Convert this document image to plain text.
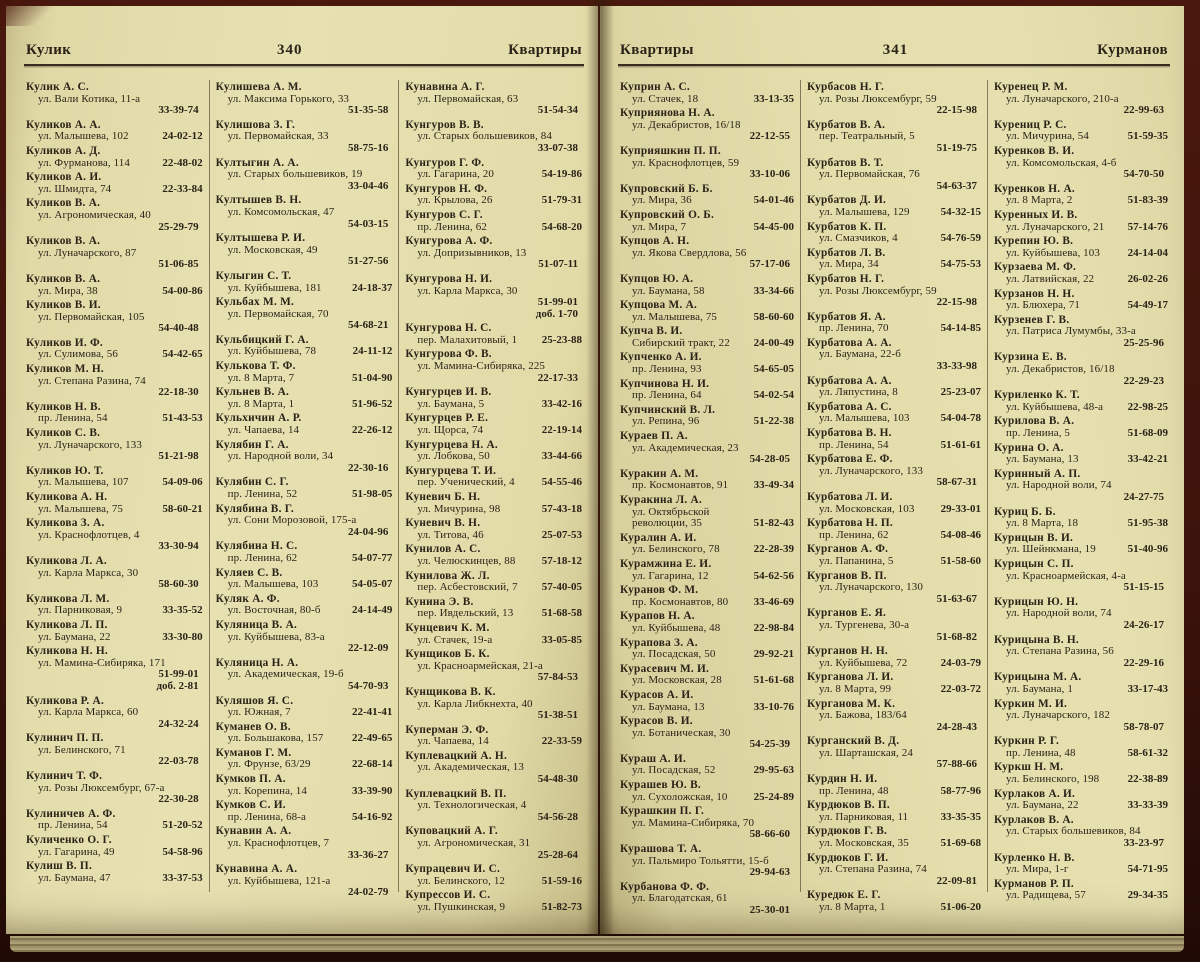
Кулик	340	Квартиры
Кулик А. С.
ул. Вали Котика, 11-а
33-39-74
Куликов А. А.
ул. Малышева, 102	24-02-12
Куликов А. Д.
ул. Фурманова, 114	22-48-02
Куликов А. И.
ул. Шмидта, 74	22-33-84
Куликов В. А.
ул. Агрономическая, 40
25-29-79
Куликов В. А.
ул. Луначарского, 87
51-06-85
Куликов В. А.
ул. Мира, 38	54-00-86
Куликов В. И.
ул. Первомайская, 105
54-40-48
Куликов И. Ф.
ул. Сулимова, 56	54-42-65
Куликов М. Н.
ул. Степана Разина, 74
22-18-30
Куликов Н. В.
пр. Ленина, 54	51-43-53
Куликов С. В.
ул. Луначарского, 133
51-21-98
Куликов Ю. Т.
ул. Малышева, 107	54-09-06
Куликова А. Н.
ул. Малышева, 75	58-60-21
Куликова З. А.
ул. Краснофлотцев, 4
33-30-94
Куликова Л. А.
ул. Карла Маркса, 30
58-60-30
Куликова Л. М.
ул. Парниковая, 9	33-35-52
Куликова Л. П.
ул. Баумана, 22	33-30-80
Куликова Н. Н.
ул. Мамина-Сибиряка, 171
51-99-01
доб. 2-81
Куликова Р. А.
ул. Карла Маркса, 60
24-32-24
Кулинич П. П.
ул. Белинского, 71
22-03-78
Кулинич Т. Ф.
ул. Розы Люксембург, 67-а
22-30-28
Кулиничев А. Ф.
пр. Ленина, 54	51-20-52
Куличенко О. Г.
ул. Гагарина, 49	54-58-96
Кулиш В. П.
ул. Баумана, 47	33-37-53
Кулишева А. М.
ул. Максима Горького, 33
51-35-58
Кулишова З. Г.
ул. Первомайская, 33
58-75-16
Култыгин А. А.
ул. Старых большевиков, 19
33-04-46
Култышев В. Н.
ул. Комсомольская, 47
54-03-15
Култышева Р. И.
ул. Московская, 49
51-27-56
Кулыгин С. Т.
ул. Куйбышева, 181	24-18-37
Кульбах М. М.
ул. Первомайская, 70
54-68-21
Кульбицкий Г. А.
ул. Куйбышева, 78	24-11-12
Кулькова Т. Ф.
ул. 8 Марта, 7	51-04-90
Кульнев В. А.
ул. 8 Марта, 1	51-96-52
Кульхичин А. Р.
ул. Чапаева, 14	22-26-12
Кулябин Г. А.
ул. Народной воли, 34
22-30-16
Кулябин С. Г.
пр. Ленина, 52	51-98-05
Кулябина В. Г.
ул. Сони Морозовой, 175-а
24-04-96
Кулябина Н. С.
пр. Ленина, 62	54-07-77
Куляев С. В.
ул. Малышева, 103	54-05-07
Куляк А. Ф.
ул. Восточная, 80-б	24-14-49
Куляница В. А.
ул. Куйбышева, 83-а
22-12-09
Куляница Н. А.
ул. Академическая, 19-б
54-70-93
Куляшов Я. С.
ул. Южная, 7	22-41-41
Куманев О. В.
ул. Большакова, 157	22-49-65
Куманов Г. М.
ул. Фрунзе, 63/29	22-68-14
Кумков П. А.
ул. Корепина, 14	33-39-90
Кумков С. И.
пр. Ленина, 68-а	54-16-92
Кунавин А. А.
ул. Краснофлотцев, 7
33-36-27
Кунавина А. А.
ул. Куйбышева, 121-а
24-02-79
Кунавина А. Г.
ул. Первомайская, 63
51-54-34
Кунгуров В. В.
ул. Старых большевиков, 84
33-07-38
Кунгуров Г. Ф.
ул. Гагарина, 20	54-19-86
Кунгуров Н. Ф.
ул. Крылова, 26	51-79-31
Кунгуров С. Г.
пр. Ленина, 62	54-68-20
Кунгурова А. Ф.
ул. Допризывников, 13
51-07-11
Кунгурова Н. И.
ул. Карла Маркса, 30
51-99-01
доб. 1-70
Кунгурова Н. С.
пер. Малахитовый, 1 25-23-88
Кунгурова Ф. В.
ул. Мамина-Сибиряка, 225
22-17-33
Кунгурцев И. В.
ул. Баумана, 5	33-42-16
Кунгурцев Р. Е.
ул. Щорса, 74	22-19-14
Кунгурцева Н. А.
ул. Лобкова, 50	33-44-66
Кунгурцева Т. И.
пер. Ученический, 4 54-55-46
Куневич Б. Н.
ул. Мичурина, 98	57-43-18
Куневич В. Н.
ул. Титова, 46	25-07-53
Кунилов А. С.
ул. Челюскинцев, 88 57-18-12
Кунилова Ж. Л.
пер. Асбестовский, 7 57-40-05
Кунина Э. В.
пер. Ивдельский, 13	51-68-58
Кунцевич К. М.
ул. Стачек, 19-а	33-05-85
Кунщиков Б. К.
ул. Красноармейская, 21-а
57-84-53
Кунщикова В. К.
ул. Карла Либкнехта, 40
51-38-51
Куперман Э. Ф.
ул. Чапаева, 14	22-33-59
Куплевацкий А. Н.
ул. Академическая, 13
54-48-30
Куплевацкий В. П.
ул. Технологическая, 4
54-56-28
Куповацкий А. Г.
ул. Агрономическая, 31
25-28-64
Купрацевич И. С.
ул. Белинского, 12	51-59-16
Купрессов И. С.
ул. Пушкинская, 9	51-82-73
Квартиры	341	Курманов
Куприн А. С.
ул. Стачек, 18	33-13-35
Куприянова Н. А.
ул. Декабристов, 16/18
22-12-55
Куприяшкин П. П.
ул. Краснофлотцев, 59
33-10-06
Купровский Б. Б.
ул. Мира, 36	54-01-46
Купровский О. Б.
ул. Мира, 7	54-45-00
Купцов А. Н.
ул. Якова Свердлова, 56
57-17-06
Купцов Ю. А.
ул. Баумана, 58	33-34-66
Купцова М. А.
ул. Малышева, 75	58-60-60
Купча В. И.
Сибирский тракт, 22 24-00-49
Купченко А. И.
пр. Ленина, 93	54-65-05
Купчинова Н. И.
пр. Ленина, 64	54-02-54
Купчинский В. Л.
ул. Репина, 96	51-22-38
Кураев П. А.
ул. Академическая, 23
54-28-05
Куракин А. М.
пр. Космонавтов, 91 33-49-34
Куракина Л. А.
ул. Октябрьской
революции, 35	51-82-43
Куралин А. И.
ул. Белинского, 78	22-28-39
Курамжина Е. И.
ул. Гагарина, 12	54-62-56
Куранов Ф. М.
пр. Космонавтов, 80 33-46-69
Курапов Н. А.
ул. Куйбышева, 48	22-98-84
Курапова З. А.
ул. Посадская, 50	29-92-21
Курасевич М. И.
ул. Московская, 28	51-61-68
Курасов А. И.
ул. Баумана, 13	33-10-76
Курасов В. И.
ул. Ботаническая, 30
54-25-39
Кураш А. И.
ул. Посадская, 52	29-95-63
Курашев Ю. В.
ул. Сухоложская, 10 25-24-89
Курашкин П. Г.
ул. Мамина-Сибиряка, 70
58-66-60
Курашова Т. А.
ул. Пальмиро Тольятти, 15-б
29-94-63
Курбанова Ф. Ф.
ул. Благодатская, 61
25-30-01
Курбасов Н. Г.
ул. Розы Люксембург, 59
22-15-98
Курбатов В. А.
пер. Театральный, 5
51-19-75
Курбатов В. Т.
ул. Первомайская, 76
54-63-37
Курбатов Д. И.
ул. Малышева, 129	54-32-15
Курбатов К. П.
ул. Смазчиков, 4	54-76-59
Курбатов Л. В.
ул. Мира, 34	54-75-53
Курбатов Н. Г.
ул. Розы Люксембург, 59
22-15-98
Курбатов Я. А.
пр. Ленина, 70	54-14-85
Курбатова А. А.
ул. Баумана, 22-б
33-33-98
Курбатова А. А.
ул. Ляпустина, 8	25-23-07
Курбатова А. С.
ул. Малышева, 103	54-04-78
Курбатова В. Н.
пр. Ленина, 54	51-61-61
Курбатова Е. Ф.
ул. Луначарского, 133
58-67-31
Курбатова Л. И.
ул. Московская, 103 29-33-01
Курбатова Н. П.
пр. Ленина, 62	54-08-46
Курганов А. Ф.
ул. Папанина, 5	51-58-60
Курганов В. П.
ул. Луначарского, 130
51-63-67
Курганов Е. Я.
ул. Тургенева, 30-а
51-68-82
Курганов Н. Н.
ул. Куйбышева, 72	24-03-79
Курганова Л. И.
ул. 8 Марта, 99	22-03-72
Курганова М. К.
ул. Бажова, 183/64
24-28-43
Курганский В. Д.
ул. Шарташская, 24
57-88-66
Курдин Н. И.
пр. Ленина, 48	58-77-96
Курдюков В. П.
ул. Парниковая, 11	33-35-35
Курдюков Г. В.
ул. Московская, 35	51-69-68
Курдюков Г. И.
ул. Степана Разина, 74
22-09-81
Куредюк Е. Г.
ул. 8 Марта, 1	51-06-20
Куренец Р. М.
ул. Луначарского, 210-а
22-99-63
Курениц Р. С.
ул. Мичурина, 54	51-59-35
Куренков В. И.
ул. Комсомольская, 4-б
54-70-50
Куренков Н. А.
ул. 8 Марта, 2	51-83-39
Куренных И. В.
ул. Луначарского, 21 57-14-76
Курепин Ю. В.
ул. Куйбышева, 103	24-14-04
Курзаева М. Ф.
ул. Латвийская, 22	26-02-26
Курзанов Н. Н.
ул. Блюхера, 71	54-49-17
Курзенев Г. В.
ул. Патриса Лумумбы, 33-а
25-25-96
Курзина Е. В.
ул. Декабристов, 16/18
22-29-23
Куриленко К. Т.
ул. Куйбышева, 48-а 22-98-25
Курилова В. А.
пр. Ленина, 5	51-68-09
Курина О. А.
ул. Баумана, 13	33-42-21
Куринный А. П.
ул. Народной воли, 74
24-27-75
Куриц Б. Б.
ул. 8 Марта, 18	51-95-38
Курицын В. И.
ул. Шейнкмана, 19	51-40-96
Курицын С. П.
ул. Красноармейская, 4-а
51-15-15
Курицын Ю. Н.
ул. Народной воли, 74
24-26-17
Курицына В. Н.
ул. Степана Разина, 56
22-29-16
Курицына М. А.
ул. Баумана, 1	33-17-43
Куркин М. И.
ул. Луначарского, 182
58-78-07
Куркин Р. Г.
пр. Ленина, 48	58-61-32
Куркш Н. М.
ул. Белинского, 198	22-38-89
Курлаков А. И.
ул. Баумана, 22	33-33-39
Курлаков В. А.
ул. Старых большевиков, 84
33-23-97
Курленко Н. В.
ул. Мира, 1-г	54-71-95
Курманов Р. П.
ул. Радищева, 57	29-34-35
